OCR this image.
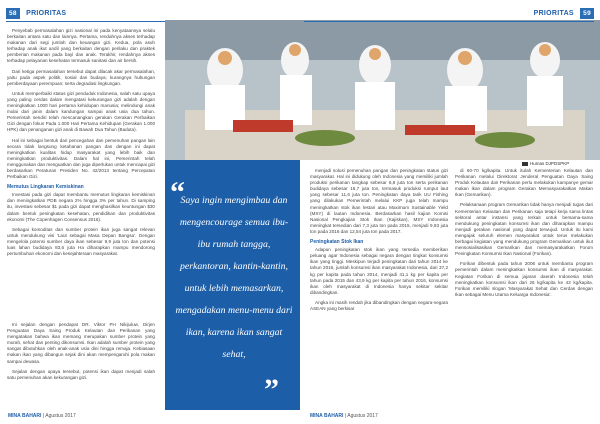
58 PRIORITAS

Penyebab permasalahan gizi nasional ini pada kenyataannya selalu berkaitan antara satu dan lainnya. Pertama, rendahnya akses terhadap makanan dari segi jumlah dan keuangan gizi. Kedua, pola asuh terhadap anak ikut andil yang berkaitan dengan perilaku dan praktek pemberian makanan pada bayi dan anak. Terakhir, rendahnya akses terhadap pelayanan kesehatan termasuk sanitasi dan air bersih.

Dari ketiga permasalahan tersebut dapat dilacak akar permasalahan, yaitu pada aspek politik, sosial dan budaya; kurangnya hubungan pemberdayaan perempuan; serta degradasi lingkungan.

Untuk memperbaiki status gizi penduduk Indonesia, salah satu upaya yang paling cerdas dalam mengatasi kekurangan gizi adalah dengan meningkatkan 1000 hari pertama kehidupan manusia; melindungi anak mulai dari janin dalam kandungan sampai anak usia dua tahun. Pemerintah sendiri telah mencanangkan gerakan Gerakan Perbaikan Gizi dengan fokus Pada 1.000 Hari Pertama Kehidupan (Gerakan 1.000 HPK) dan penanganan gizi anak di Bawah Dua Tahun (Baduta).

Hal ini sebagai bentuk dari pencegahan dan pemenuhan pangan lain secara tidak langsung ketahanan pangan dan dengan ini dapat meningkatkan kualitas hidup masyarakat yang lebih baik dan meningkatkan produktivitas. Dalam hal ini, Pemerintah telah menggunakan dan menguatkan dan juga diperlukan untuk mencapai gizi berdasarkan Peraturan Presiden No. 42/2013 tentang Percepatan Perbaikan Gizi.

Memutus Lingkaran Kemiskinan

Investasi pada gizi dapat membantu memutus lingkaran kemiskinan dan meningkatkan PDB negara 2% hingga 3% per tahun. Di samping itu, investasi sebesar $1 pada gizi dapat menghasilkan keuntungan $30 dalam bentuk peningkatan kesehatan, pendidikan dan produktivitas ekonomi (The Copenhagen Consensus 2016).

Sebagai komoditas dan sumber protein ikan juga sangat relevan untuk mendukung visi 'Laut sebagai Masa Depan Bangsa'. Dengan mengelola potensi sumber daya ikan sebesar 9,9 juta ton dan potensi luas lahan budidaya 83,6 juta Ha diharapkan mampu mendorong pertumbuhan ekonomi dan kesejahteraan masyarakat.

MINA BAHARI | Agustus 2017

Ini sejalan dengan pendapat DR. Viktor PH Nikijuluw, Dirjen Penguatan Daya Saing Produk Kelautan dan Perikanan yang mengatakan bahwa ikan memang merupakan sumber protein yang murah, sehat dan penting dikonsumsi. Ikan adalah sumber protein yang sangat dibutuhkan oleh anak-anak usia dini hingga remaja. Kebiasaan makan ikan yang dibangun sejak dini akan mempengaruhi pola makan sampai dewasa.

Sejalan dengan upaya tersebut, potensi ikan dapat menjadi salah satu pemenuhan akan kekurangan gizi.

Humas DJPDSPKP
“
Saya ingin mengimbau dan mengencourage semua ibu-ibu rumah tangga, perkantoran, kantin-kantin, untuk lebih memasarkan, mengadakan menu-menu dari ikan, karena ikan sangat sehat,
”
PRIORITAS 59

menjadi solusi pemenuhan pangan dan peningkatan status gizi masyarakat. Hal ini didukung oleh Indonesia yang memiliki jumlah produksi perikanan tangkap sebesar 6,8 juta ton serta perikanan budidaya sebesar 16,7 juta ton, termasuk produksi rumput laut yang sebesar 11,6 juta ton. Peningkatan daya tarik UU Fishing yang dilakukan Pemerintah melalui KKP juga telah mampu meningkatkan stok ikan lestari atau Maximum Sustainable Yield (MSY) di lautan Indonesia. Berdasarkan hasil kajian Komisi Nasional Pengkajian Stok Ikan (Kajiskan), MSY Indonesia meningkat tersedian dari 7,3 juta ton pada 2015, menjadi 9,93 juta ton pada 2016 dan 12,54 juta ton pada 2017.

Peningkatan Stok Ikan

Adapun peningkatan stok ikan yang tersedia memberikan peluang agar Indonesia sebagai negara dengan tingkat konsumsi ikan yang tinggi. Meskipun terjadi peningkatan dari tahun 2014 ke tahun 2016, jumlah konsumsi ikan masyarakat Indonesia, dari 37,2 kg per kapita pada tahun 2014, menjadi 41,1 kg per kapita per tahun pada 2015 dan 43,9 kg per kapita per tahun 2016, konsumsi ikan oleh masyarakat di Indonesia hanya sekitar sekitar dibandingkan.

Angka ini masih rendah jika dibandingkan dengan negara-negara ASEAN yang berkisar

di 60-70 kg/kapita. Untuk itulah Kementerian Kelautan dan Perikanan melalui Direktorat Jenderal Penguatan Daya Saing Produk Kelautan dan Perikanan perlu melakukan kampanye gemar makan ikan dalam program Gerakan Memasyarakatkan Makan Ikan (Gemarikan).

Pelaksanaan program Gemarikan tidak hanya menjadi tugas dari Kementerian Kelautan dan Perikanan saja tetapi kerja sama lintas sektoral antar instansi yang terkait untuk bersama-sama mendukung peningkatan konsumsi ikan dan diharapkan mampu menjadi gerakan nasional yang dapat terwujud. Untuk itu kami mengajak seluruh elemen masyarakat untuk terus melakukan berbagai kegiatan yang mendukung program Gemarikan untuk ikut mensosialisasikan Gemarikan dan memasyarakatkan Forum Peningkatan Konsumsi Ikan Nasional (Forikan).

Forikan dibentuk pada tahun 2006 untuk membantu program pemerintah dalam meningkatkan konsumsi ikan di masyarakat. Kegiatan Forikan di semua jajaran daerah Indonesia telah meningkatkan konsumsi ikan dari 26 kg/kapita ke 43 kg/kapita. Forikan memiliki slogan 'Masyarakat Sehat dan Cerdas dengan Ikan sebagai Menu Utama Keluarga Indonesia'.

MINA BAHARI | Agustus 2017
